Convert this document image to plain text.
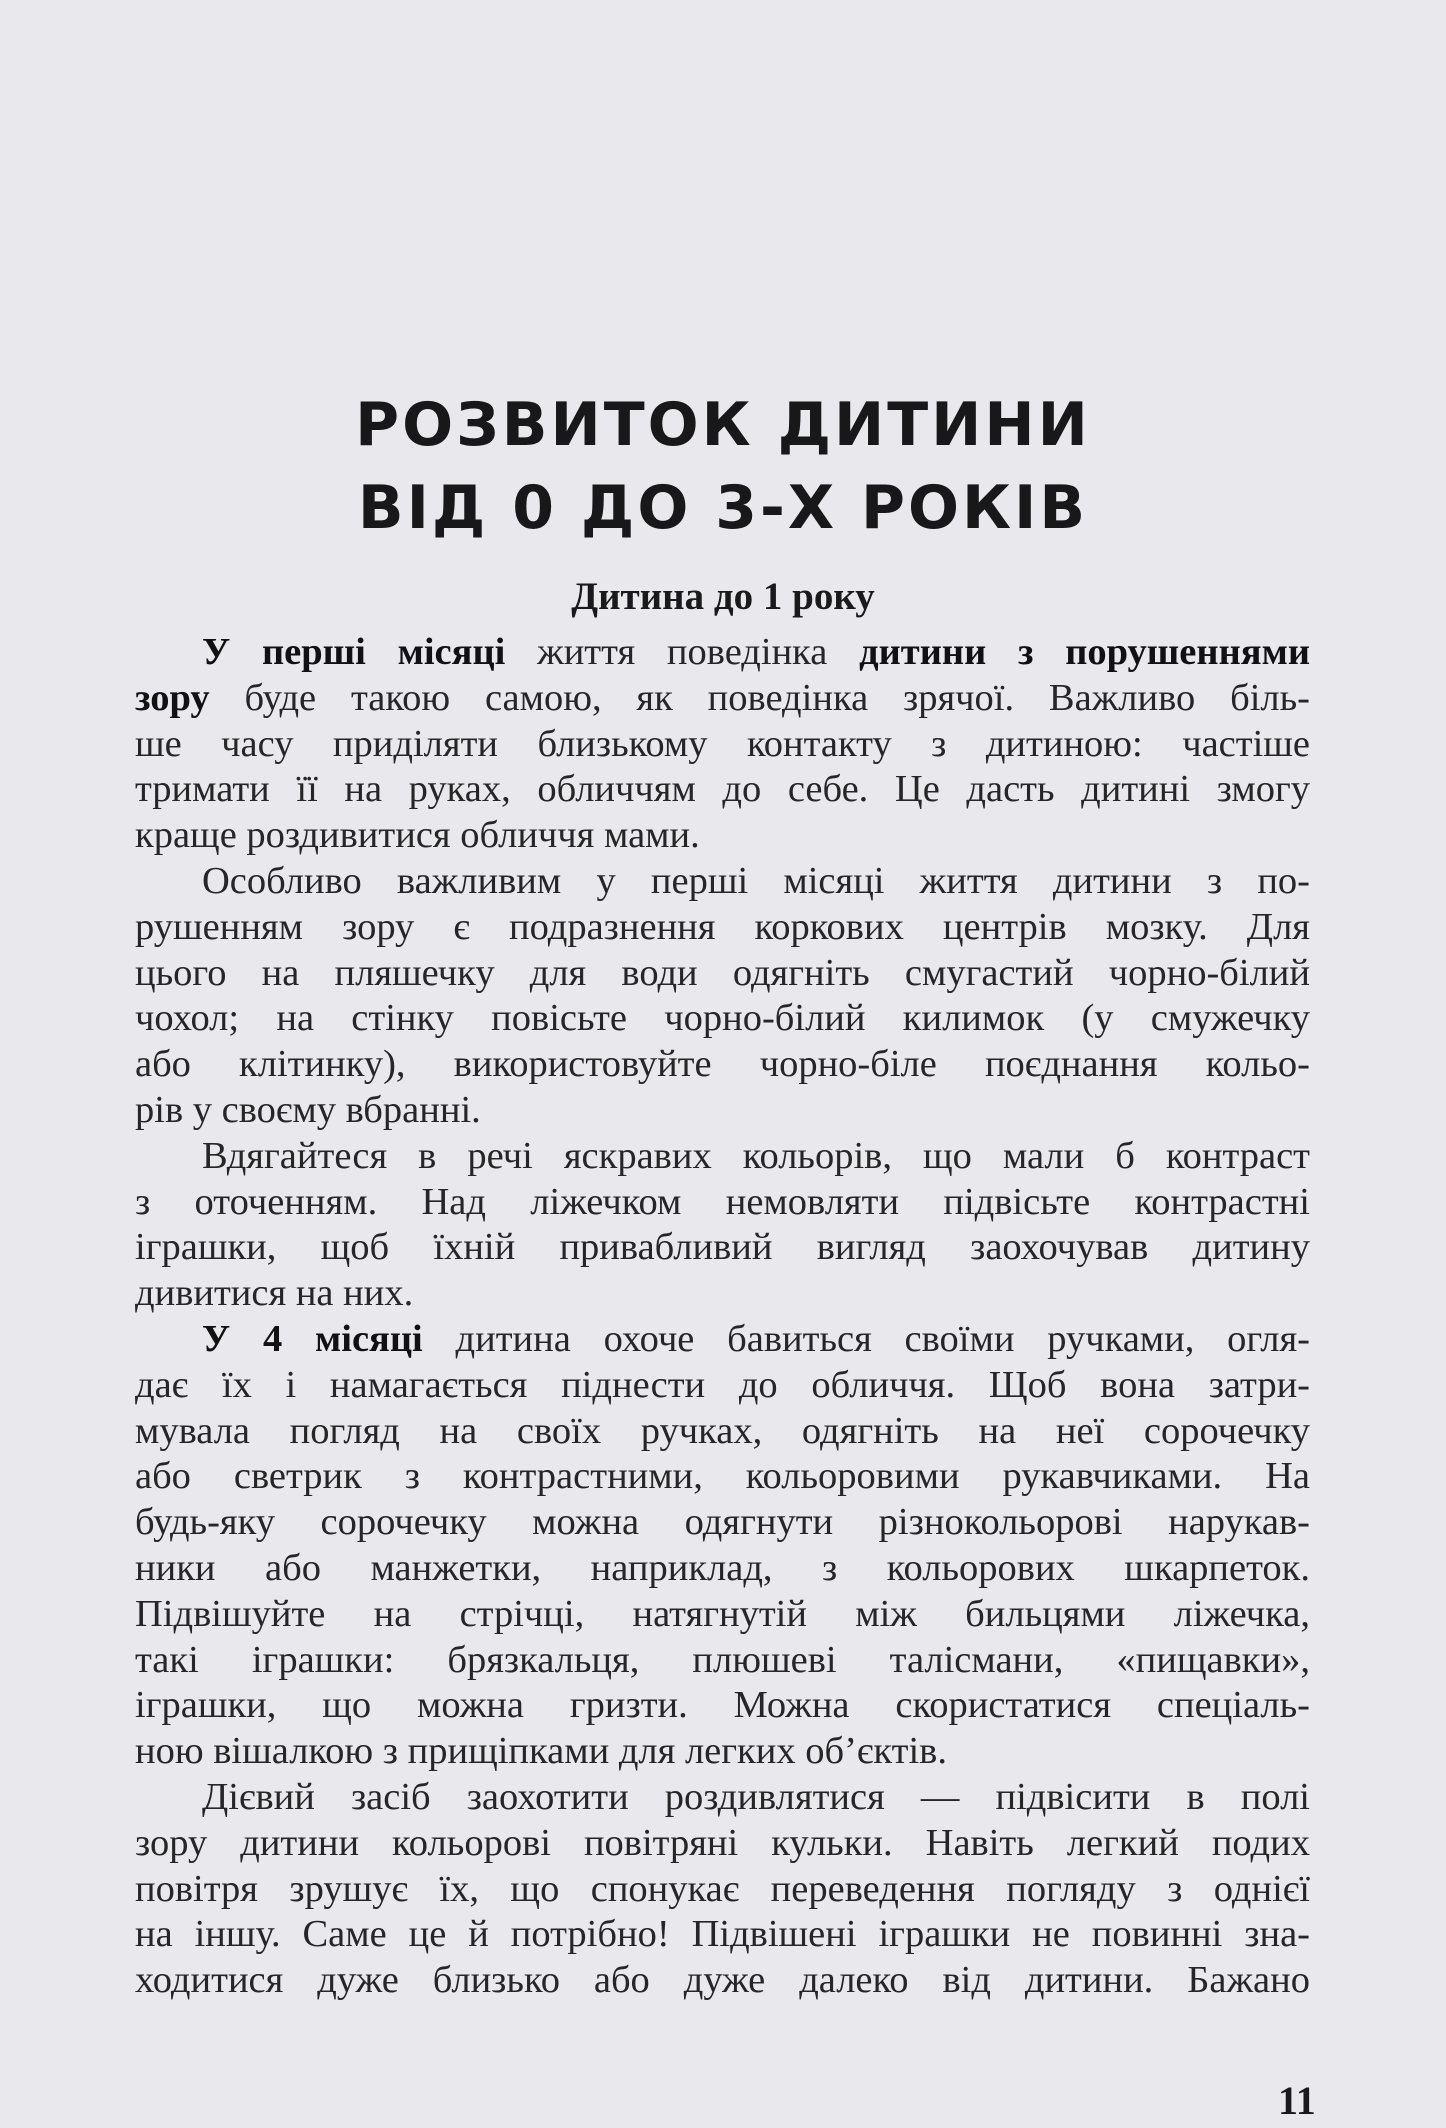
РОЗВИТОК ДИТИНИ
ВІД 0 ДО 3-Х РОКІВ
Дитина до 1 року
У перші місяці життя поведінка дитини з порушеннями
зору буде такою самою, як поведінка зрячої. Важливо біль-
ше часу приділяти близькому контакту з дитиною: частіше
тримати її на руках, обличчям до себе. Це дасть дитині змогу
краще роздивитися обличчя мами.
Особливо важливим у перші місяці життя дитини з по-
рушенням зору є подразнення коркових центрів мозку. Для
цього на пляшечку для води одягніть смугастий чорно-білий
чохол; на стінку повісьте чорно-білий килимок (у смужечку
або клітинку), використовуйте чорно-біле поєднання кольо-
рів у своєму вбранні.
Вдягайтеся в речі яскравих кольорів, що мали б контраст
з оточенням. Над ліжечком немовляти підвісьте контрастні
іграшки, щоб їхній привабливий вигляд заохочував дитину
дивитися на них.
У 4 місяці дитина охоче бавиться своїми ручками, огля-
дає їх і намагається піднести до обличчя. Щоб вона затри-
мувала погляд на своїх ручках, одягніть на неї сорочечку
або светрик з контрастними, кольоровими рукавчиками. На
будь-яку сорочечку можна одягнути різнокольорові нарукав-
ники або манжетки, наприклад, з кольорових шкарпеток.
Підвішуйте на стрічці, натягнутій між бильцями ліжечка,
такі іграшки: брязкальця, плюшеві талісмани, «пищавки»,
іграшки, що можна гризти. Можна скористатися спеціаль-
ною вішалкою з прищіпками для легких об’єктів.
Дієвий засіб заохотити роздивлятися — підвісити в полі
зору дитини кольорові повітряні кульки. Навіть легкий подих
повітря зрушує їх, що спонукає переведення погляду з однієї
на іншу. Саме це й потрібно! Підвішені іграшки не повинні зна-
ходитися дуже близько або дуже далеко від дитини. Бажано
11
